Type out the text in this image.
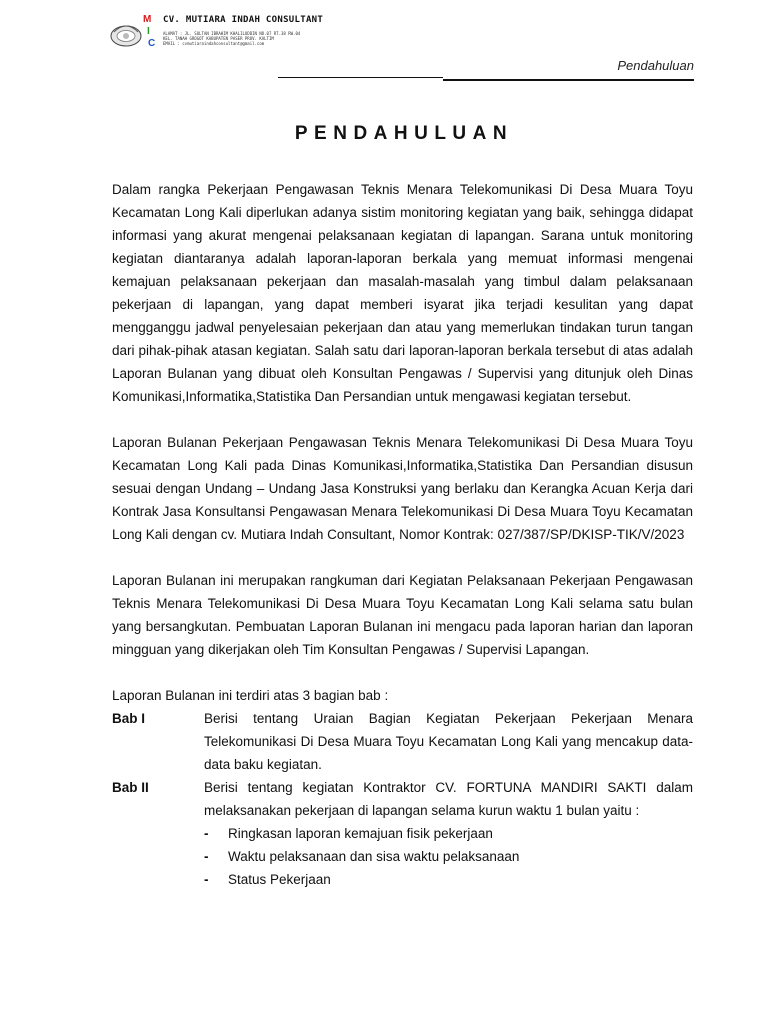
M
I
C
CV. MUTIARA INDAH CONSULTANT
ALAMAT : JL. SULTAN IBRAHIM KHALILUDDIN NO.07 RT.38 RW.04
KEL. TANAH GROGOT KABUPATEN PASER PROV. KALTIM
EMAIL : cvmutiaraindahconsultant@gmail.com
Pendahuluan
PENDAHULUAN

Dalam rangka Pekerjaan Pengawasan Teknis Menara Telekomunikasi Di Desa Muara Toyu Kecamatan Long Kali diperlukan adanya sistim monitoring kegiatan yang baik, sehingga didapat informasi yang akurat mengenai pelaksanaan kegiatan di lapangan. Sarana untuk monitoring kegiatan diantaranya adalah laporan-laporan berkala yang memuat informasi mengenai kemajuan pelaksanaan pekerjaan dan masalah-masalah yang timbul dalam pelaksanaan pekerjaan di lapangan, yang dapat memberi isyarat jika terjadi kesulitan yang dapat mengganggu jadwal penyelesaian pekerjaan dan atau yang memerlukan tindakan turun tangan dari pihak-pihak atasan kegiatan. Salah satu dari laporan-laporan berkala tersebut di atas adalah Laporan Bulanan yang dibuat oleh Konsultan Pengawas / Supervisi yang ditunjuk oleh Dinas Komunikasi,Informatika,Statistika Dan Persandian untuk mengawasi kegiatan tersebut.

Laporan Bulanan Pekerjaan Pengawasan Teknis Menara Telekomunikasi Di Desa Muara Toyu Kecamatan Long Kali pada Dinas Komunikasi,Informatika,Statistika Dan Persandian disusun sesuai dengan Undang – Undang Jasa Konstruksi yang berlaku dan Kerangka Acuan Kerja dari Kontrak Jasa Konsultansi Pengawasan Menara Telekomunikasi Di Desa Muara Toyu Kecamatan Long Kali dengan cv. Mutiara Indah Consultant, Nomor Kontrak: 027/387/SP/DKISP-TIK/V/2023

Laporan Bulanan ini merupakan rangkuman dari Kegiatan Pelaksanaan Pekerjaan Pengawasan Teknis Menara Telekomunikasi Di Desa Muara Toyu Kecamatan Long Kali selama satu bulan yang bersangkutan. Pembuatan Laporan Bulanan ini mengacu pada laporan harian dan laporan mingguan yang dikerjakan oleh Tim Konsultan Pengawas / Supervisi Lapangan.

Laporan Bulanan ini terdiri atas 3 bagian bab :

Bab I	Berisi tentang Uraian Bagian Kegiatan Pekerjaan Pekerjaan Menara Telekomunikasi Di Desa Muara Toyu Kecamatan Long Kali yang mencakup data-data baku kegiatan.
Bab II	Berisi tentang kegiatan Kontraktor CV. FORTUNA MANDIRI SAKTI dalam melaksanakan pekerjaan di lapangan selama kurun waktu 1 bulan yaitu :
-	Ringkasan laporan kemajuan fisik pekerjaan
-	Waktu pelaksanaan dan sisa waktu pelaksanaan
-	Status Pekerjaan
